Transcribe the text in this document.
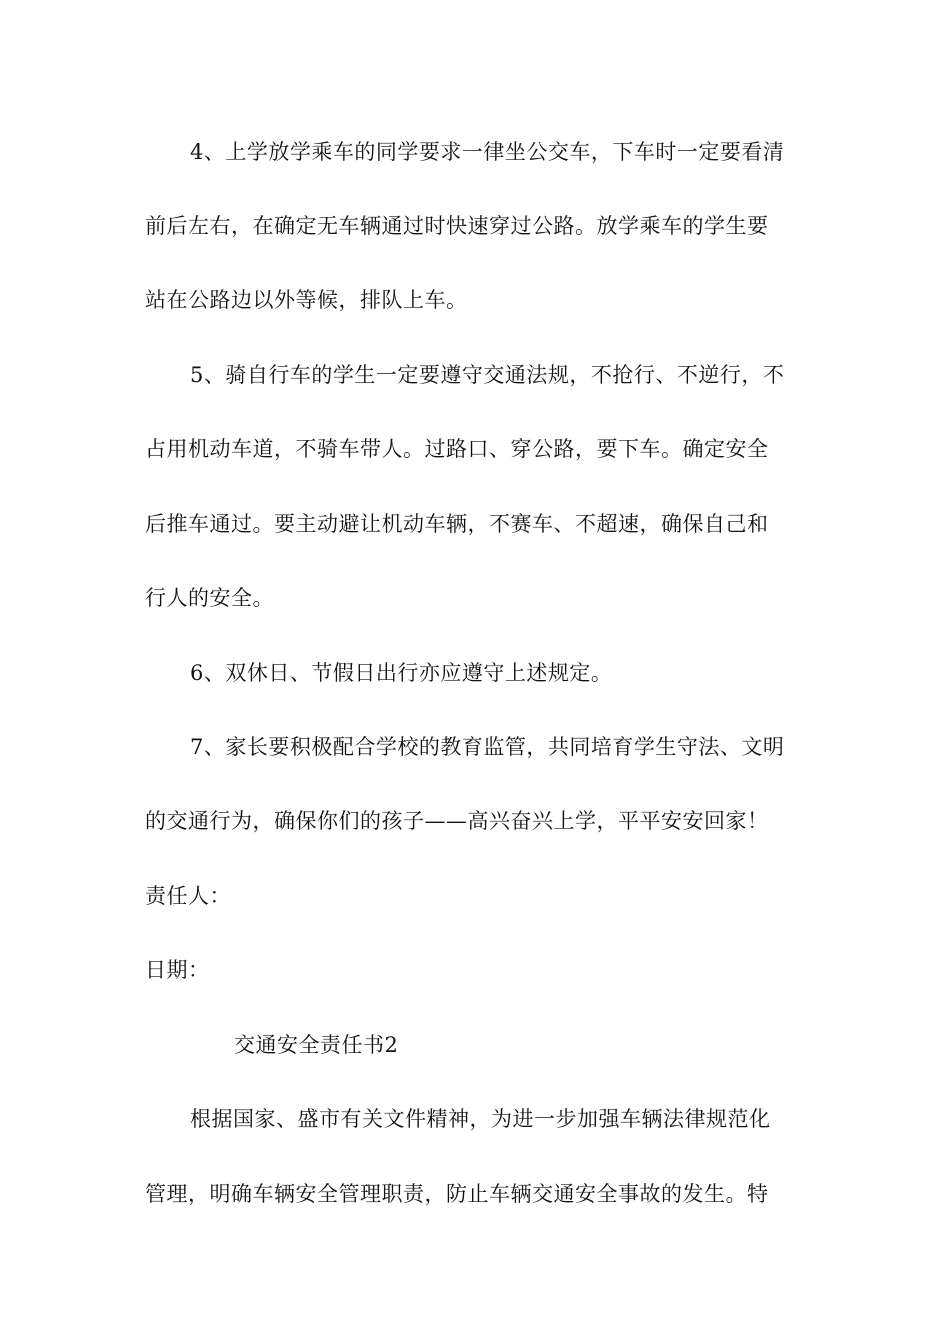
4、上学放学乘车的同学要求一律坐公交车，下车时一定要看清
前后左右，在确定无车辆通过时快速穿过公路。放学乘车的学生要
站在公路边以外等候，排队上车。
5、骑自行车的学生一定要遵守交通法规，不抢行、不逆行，不
占用机动车道，不骑车带人。过路口、穿公路，要下车。确定安全
后推车通过。要主动避让机动车辆，不赛车、不超速，确保自己和
行人的安全。
6、双休日、节假日出行亦应遵守上述规定。
7、家长要积极配合学校的教育监管，共同培育学生守法、文明
的交通行为，确保你们的孩子——高兴奋兴上学，平平安安回家！
责任人：
日期：
交通安全责任书2
根据国家、盛市有关文件精神，为进一步加强车辆法律规范化
管理，明确车辆安全管理职责，防止车辆交通安全事故的发生。特
